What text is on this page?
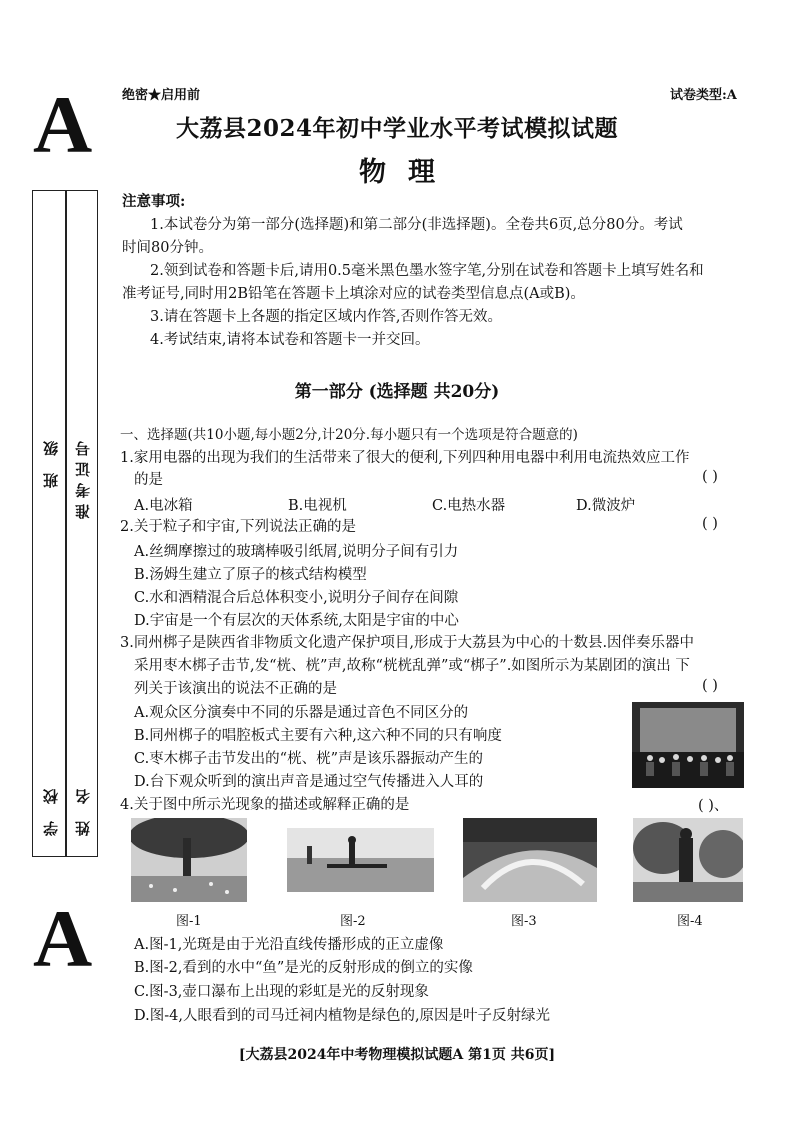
A
A
绝密★启用前	试卷类型:A
大荔县2024年初中学业水平考试模拟试题
物理
班 级 准考证号
学 校 姓 名
注意事项:
1.本试卷分为第一部分(选择题)和第二部分(非选择题)。全卷共6页,总分80分。考试
时间80分钟。
2.领到试卷和答题卡后,请用0.5毫米黑色墨水签字笔,分别在试卷和答题卡上填写姓名和
准考证号,同时用2B铅笔在答题卡上填涂对应的试卷类型信息点(A或B)。
3.请在答题卡上各题的指定区域内作答,否则作答无效。
4.考试结束,请将本试卷和答题卡一并交回。
第一部分 (选择题 共20分)
一、选择题(共10小题,每小题2分,计20分.每小题只有一个选项是符合题意的)
1.家用电器的出现为我们的生活带来了很大的便利,下列四种用电器中利用电流热效应工作
的是	( )
A.电冰箱	B.电视机	C.电热水器	D.微波炉
2.关于粒子和宇宙,下列说法正确的是	( )
A.丝绸摩擦过的玻璃棒吸引纸屑,说明分子间有引力
B.汤姆生建立了原子的核式结构模型
C.水和酒精混合后总体积变小,说明分子间存在间隙
D.宇宙是一个有层次的天体系统,太阳是宇宙的中心
3.同州梆子是陕西省非物质文化遗产保护项目,形成于大荔县为中心的十数县.因伴奏乐器中
采用枣木梆子击节,发“桄、桄”声,故称“桄桄乱弹”或“梆子”.如图所示为某剧团的演出 下
列关于该演出的说法不正确的是	( )
A.观众区分演奏中不同的乐器是通过音色不同区分的
B.同州梆子的唱腔板式主要有六种,这六种不同的只有响度
C.枣木梆子击节发出的“桄、桄”声是该乐器振动产生的
D.台下观众听到的演出声音是通过空气传播进入人耳的
4.关于图中所示光现象的描述或解释正确的是	( )、
图-1	图-2	图-3	图-4
A.图-1,光斑是由于光沿直线传播形成的正立虚像
B.图-2,看到的水中“鱼”是光的反射形成的倒立的实像
C.图-3,壶口瀑布上出现的彩虹是光的反射现象
D.图-4,人眼看到的司马迁祠内植物是绿色的,原因是叶子反射绿光
[大荔县2024年中考物理模拟试题A 第1页 共6页]
